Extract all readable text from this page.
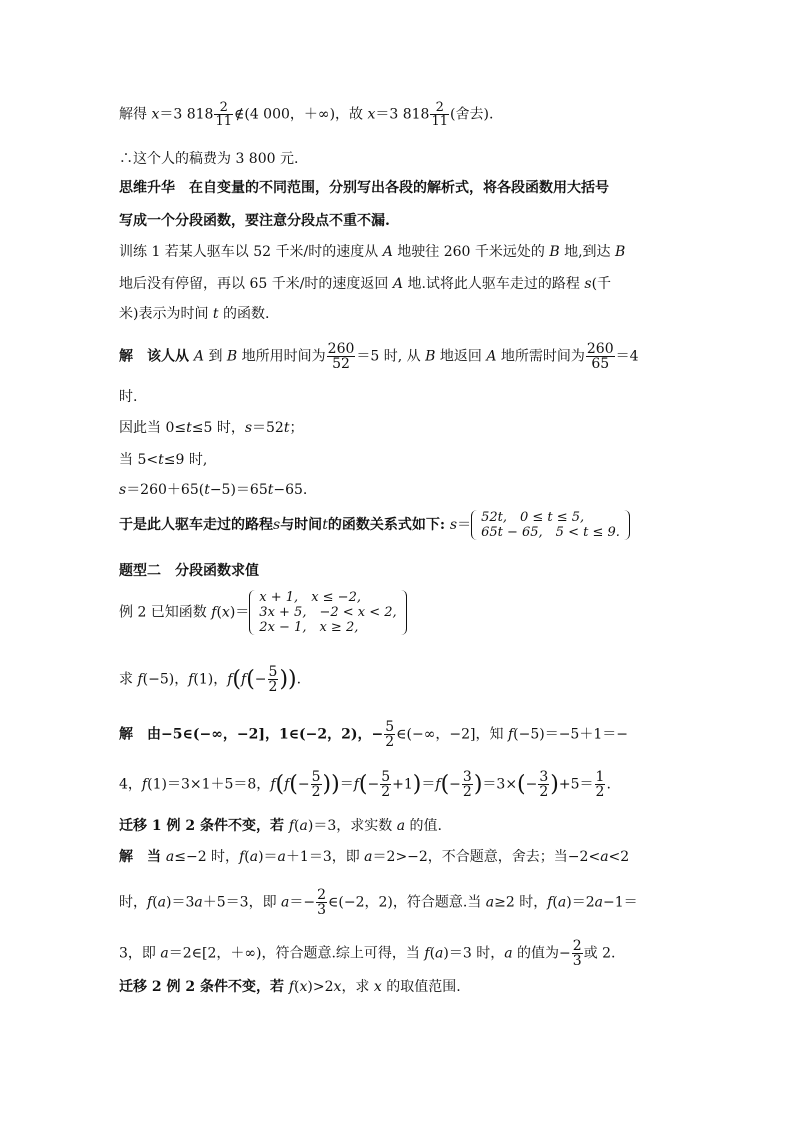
解得 x＝3 $818 \frac{2}{11}$ ∉(4 000，＋∞)，故 x＝3 $818 \frac{2}{11}$ (舍去).
∴这个人的稿费为 3 800 元.
思维升华　在自变量的不同范围，分别写出各段的解析式，将各段函数用大括号
写成一个分段函数，要注意分段点不重不漏.
训练 1 若某人驱车以 52 千米/时的速度从 A 地驶往 260 千米远处的 B 地,到达 B
地后没有停留，再以 65 千米/时的速度返回 A 地.试将此人驱车走过的路程 s(千
米)表示为时间 t 的函数.
解　该人从 A 到 B 地所用时间为 $\frac{260}{52} =5$ 时, 从 B 地返回 A 地所需时间为 $\frac{260}{65} =4$
时.
因此当 0≤t≤5 时，s＝52t；
当 5<t≤9 时,
s＝260＋65(t−5)＝65t−65.
于是此人驱车走过的路程s与时间t的函数关系式如下: s＝ 52t,　0 ≤ t ≤ 5,
65t − 65,　5 < t ≤ 9.
题型二　分段函数求值
例 2 已知函数 f(x)＝
x + 1,　x ≤ −2,
3x + 5,　−2 < x < 2,
2x − 1,　x ≥ 2,
求 f(−5)，f(1)，$f(f(- \frac{5}{2}$ )).
解　由−5∈(−∞，−2]，1∈(−2，2)，− $\frac{5}{2}$ ∈(−∞，−2]，知 f(−5)＝−5＋1＝−
4，f(1)＝3×1＋5＝8，$f(f(- \frac{5}{2} ))=f(- \frac{5}{2} +1)=f(- \frac{3}{2} )=3\times(- \frac{3}{2} )+5= \frac{1}{2}$ .
迁移 1 例 2 条件不变，若 f(a)＝3，求实数 a 的值.
解　当 a≤−2 时，f(a)＝a＋1＝3，即 a＝2>−2，不合题意，舍去；当−2<a<2
时，f(a)＝3a＋5＝3，即 $a=- \frac{2}{3}$ ∈(−2，2)，符合题意.当 a≥2 时，f(a)＝2a−1＝
3，即 a＝2∈[2，＋∞)，符合题意.综上可得，当 f(a)＝3 时，a 的值为− $\frac{2}{3}$ 或 2.
迁移 2 例 2 条件不变，若 f(x)>2x，求 x 的取值范围.
